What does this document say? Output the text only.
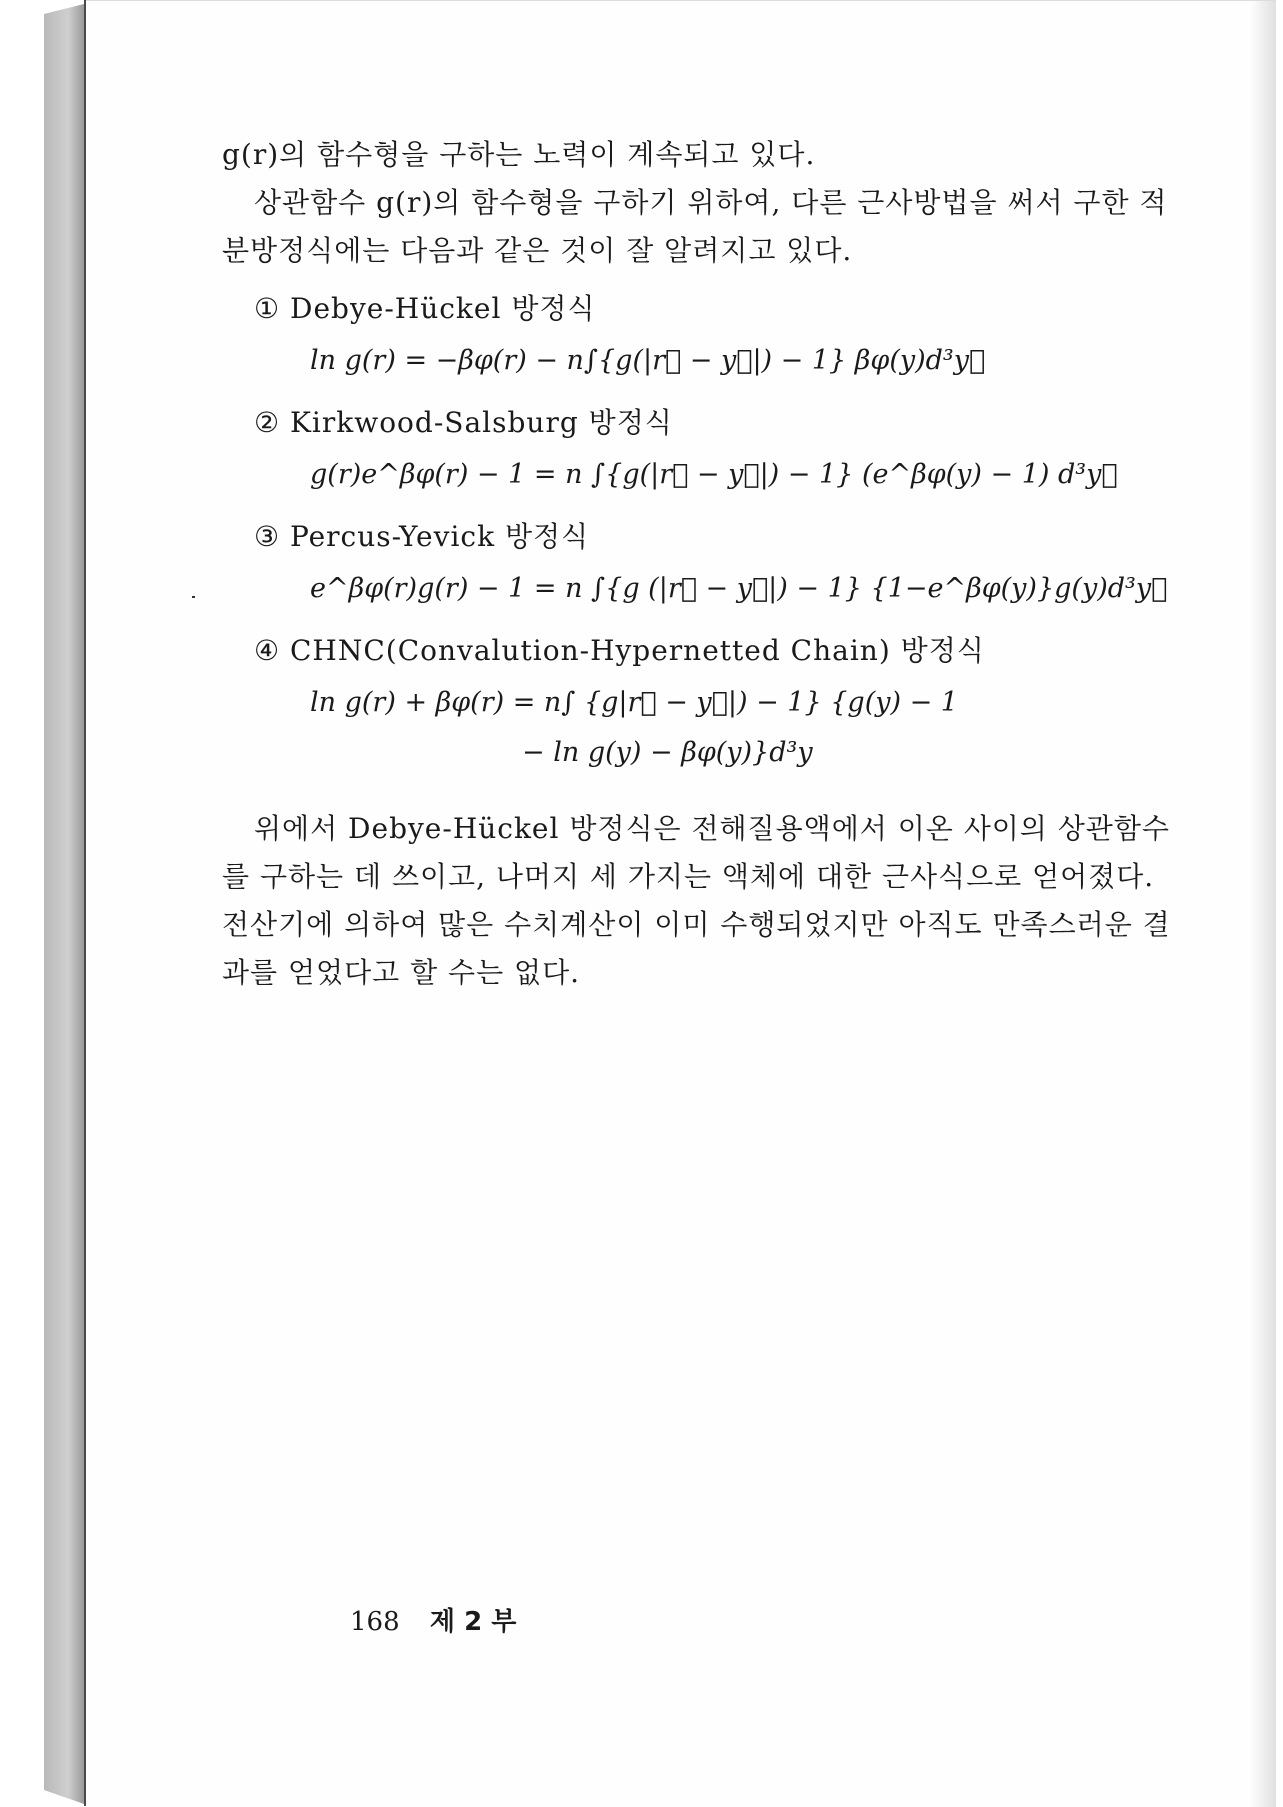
g(r)의 함수형을 구하는 노력이 계속되고 있다.

상관함수 g(r)의 함수형을 구하기 위하여, 다른 근사방법을 써서 구한 적

분방정식에는 다음과 같은 것이 잘 알려지고 있다.

① Debye-Hückel 방정식

ln g(r) = −βφ(r) − n∫{g(|r⃗ − y⃗|) − 1} βφ(y)d³y⃗

② Kirkwood-Salsburg 방정식

g(r)e^βφ(r) − 1 = n ∫{g(|r⃗ − y⃗|) − 1} (e^βφ(y) − 1) d³y⃗

③ Percus-Yevick 방정식

e^βφ(r)g(r) − 1 = n ∫{g (|r⃗ − y⃗|) − 1} {1−e^βφ(y)}g(y)d³y⃗

④ CHNC(Convalution-Hypernetted Chain) 방정식

ln g(r) + βφ(r) = n∫ {g|r⃗ − y⃗|) − 1} {g(y) − 1
− ln g(y) − βφ(y)}d³y

위에서 Debye-Hückel 방정식은 전해질용액에서 이온 사이의 상관함수

를 구하는 데 쓰이고, 나머지 세 가지는 액체에 대한 근사식으로 얻어졌다.

전산기에 의하여 많은 수치계산이 이미 수행되었지만 아직도 만족스러운 결

과를 얻었다고 할 수는 없다.

168 제 2 부
